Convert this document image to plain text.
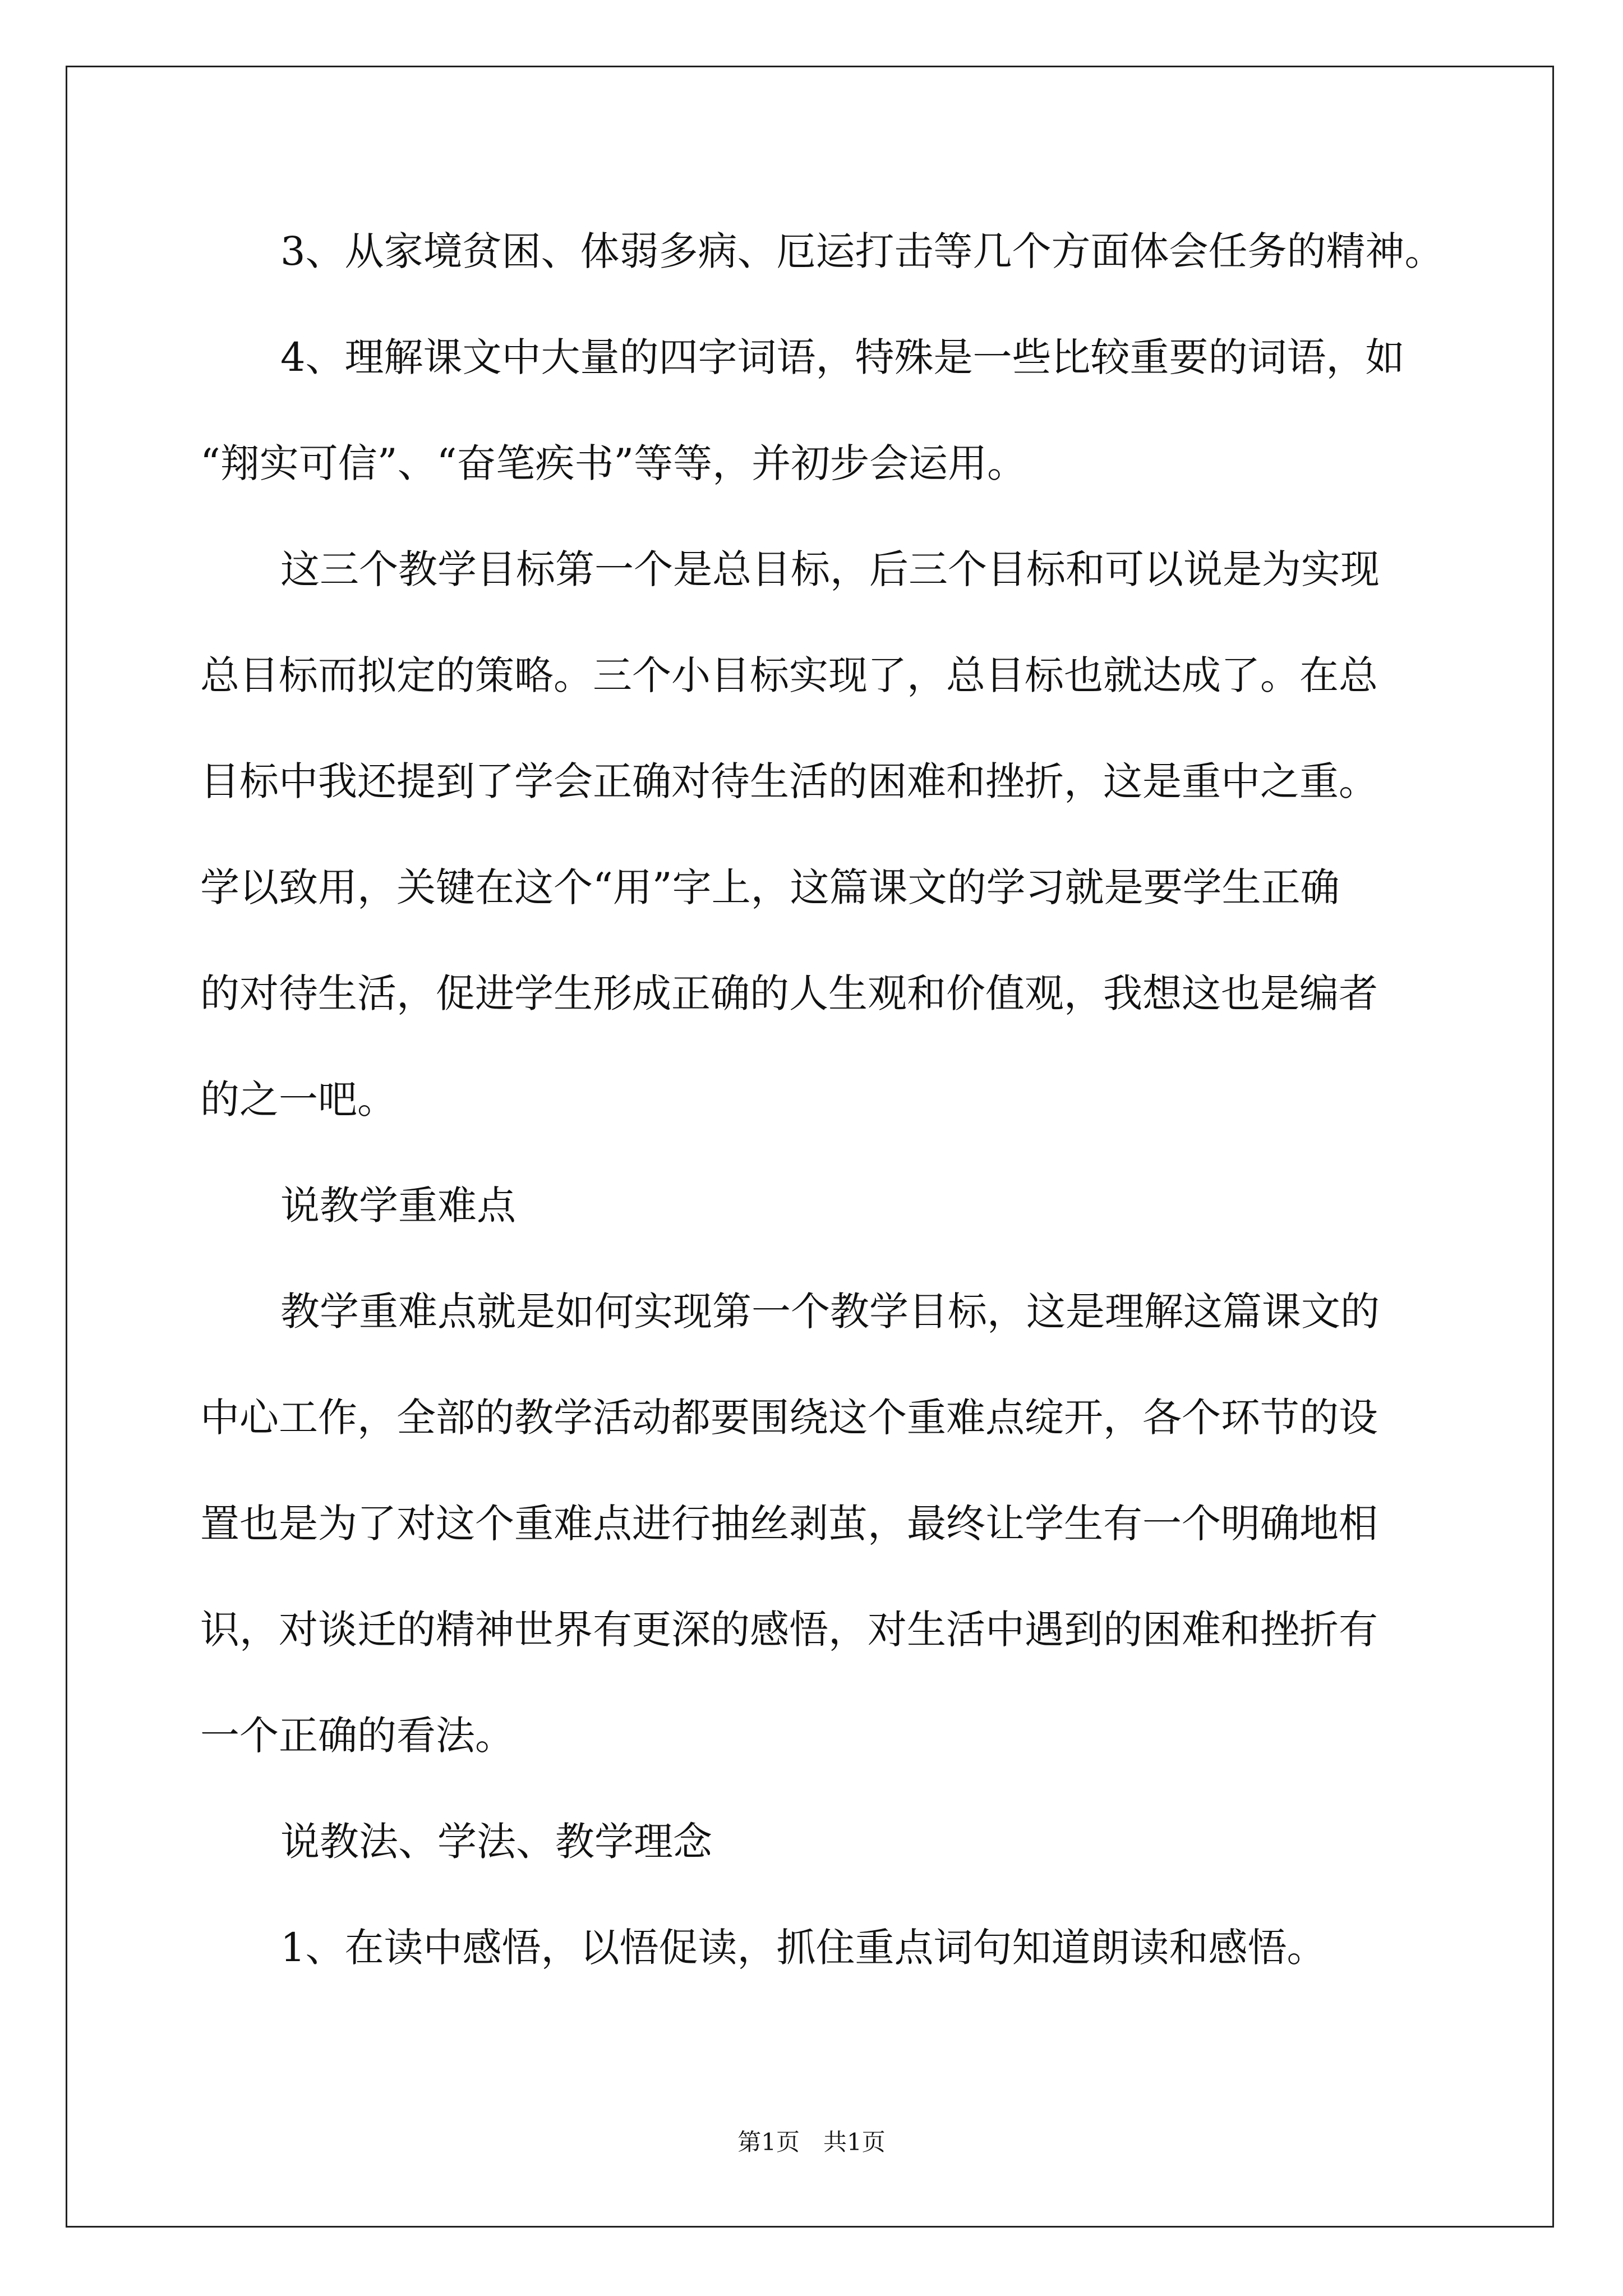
3、从家境贫困、体弱多病、厄运打击等几个方面体会任务的精神。
4、理解课文中大量的四字词语，特殊是一些比较重要的词语，如
“翔实可信”、“奋笔疾书”等等，并初步会运用。
这三个教学目标第一个是总目标，后三个目标和可以说是为实现
总目标而拟定的策略。三个小目标实现了，总目标也就达成了。在总
目标中我还提到了学会正确对待生活的困难和挫折，这是重中之重。
学以致用，关键在这个“用”字上，这篇课文的学习就是要学生正确
的对待生活，促进学生形成正确的人生观和价值观，我想这也是编者
的之一吧。
说教学重难点
教学重难点就是如何实现第一个教学目标，这是理解这篇课文的
中心工作，全部的教学活动都要围绕这个重难点绽开，各个环节的设
置也是为了对这个重难点进行抽丝剥茧，最终让学生有一个明确地相
识，对谈迁的精神世界有更深的感悟，对生活中遇到的困难和挫折有
一个正确的看法。
说教法、学法、教学理念
1、在读中感悟，以悟促读，抓住重点词句知道朗读和感悟。
第1页　共1页
